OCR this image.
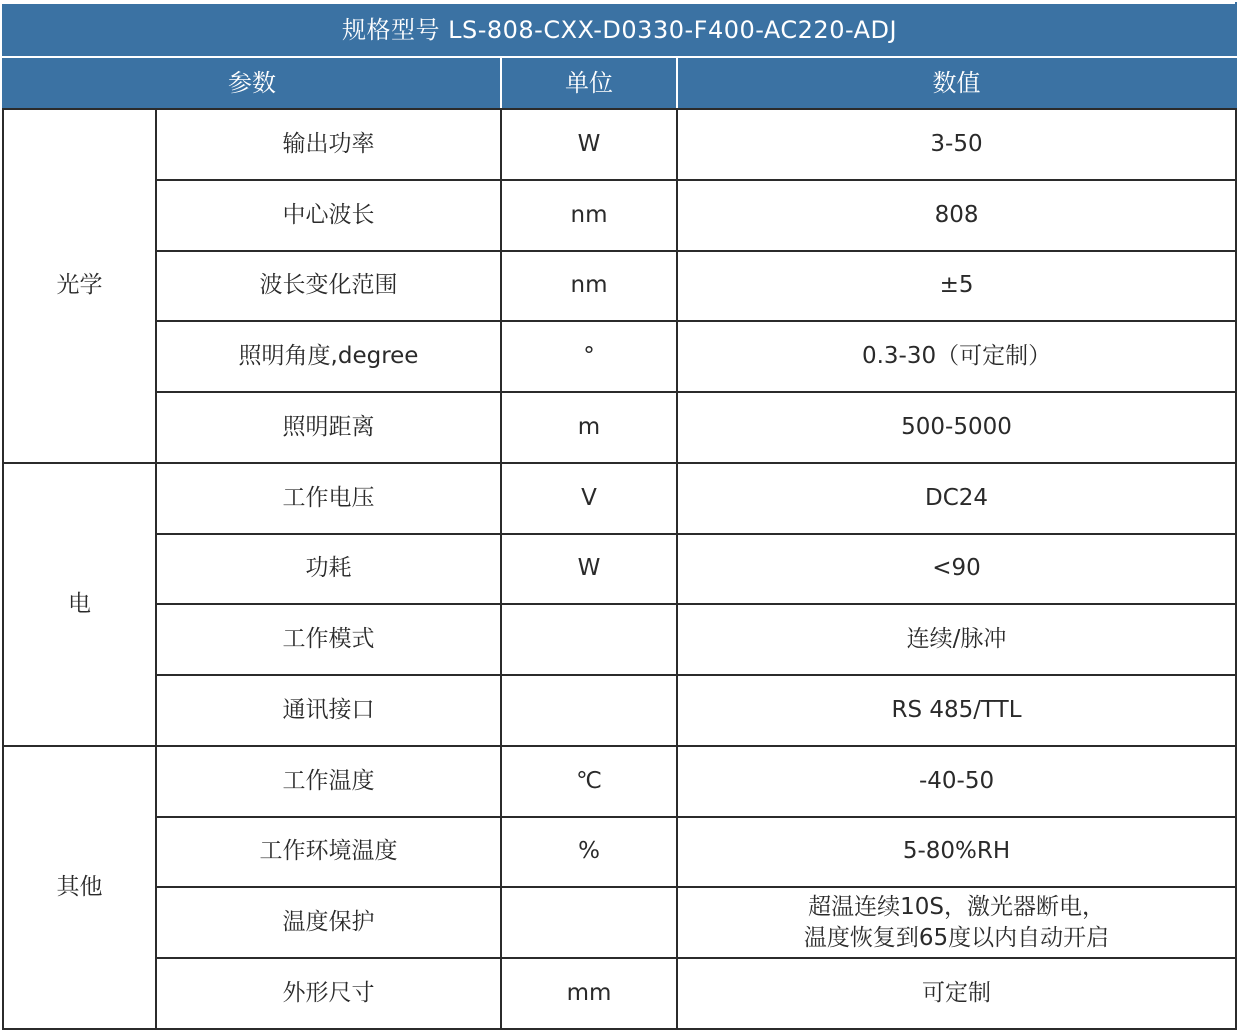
规格型号 LS-808-CXX-D0330-F400-AC220-ADJ			
参数		单位	数值
光学	输出功率	W	3-50
	中心波长	nm	808
	波长变化范围	nm	±5
	照明角度,degree	°	0.3-30（可定制）
	照明距离	m	500-5000
电	工作电压	V	DC24
	功耗	W	<90
	工作模式		连续/脉冲
	通讯接口		RS 485/TTL
其他	工作温度	℃	-40-50
	工作环境温度	%	5-80%RH
	温度保护		超温连续10S，激光器断电，
温度恢复到65度以内自动开启

	外形尺寸	mm	可定制
